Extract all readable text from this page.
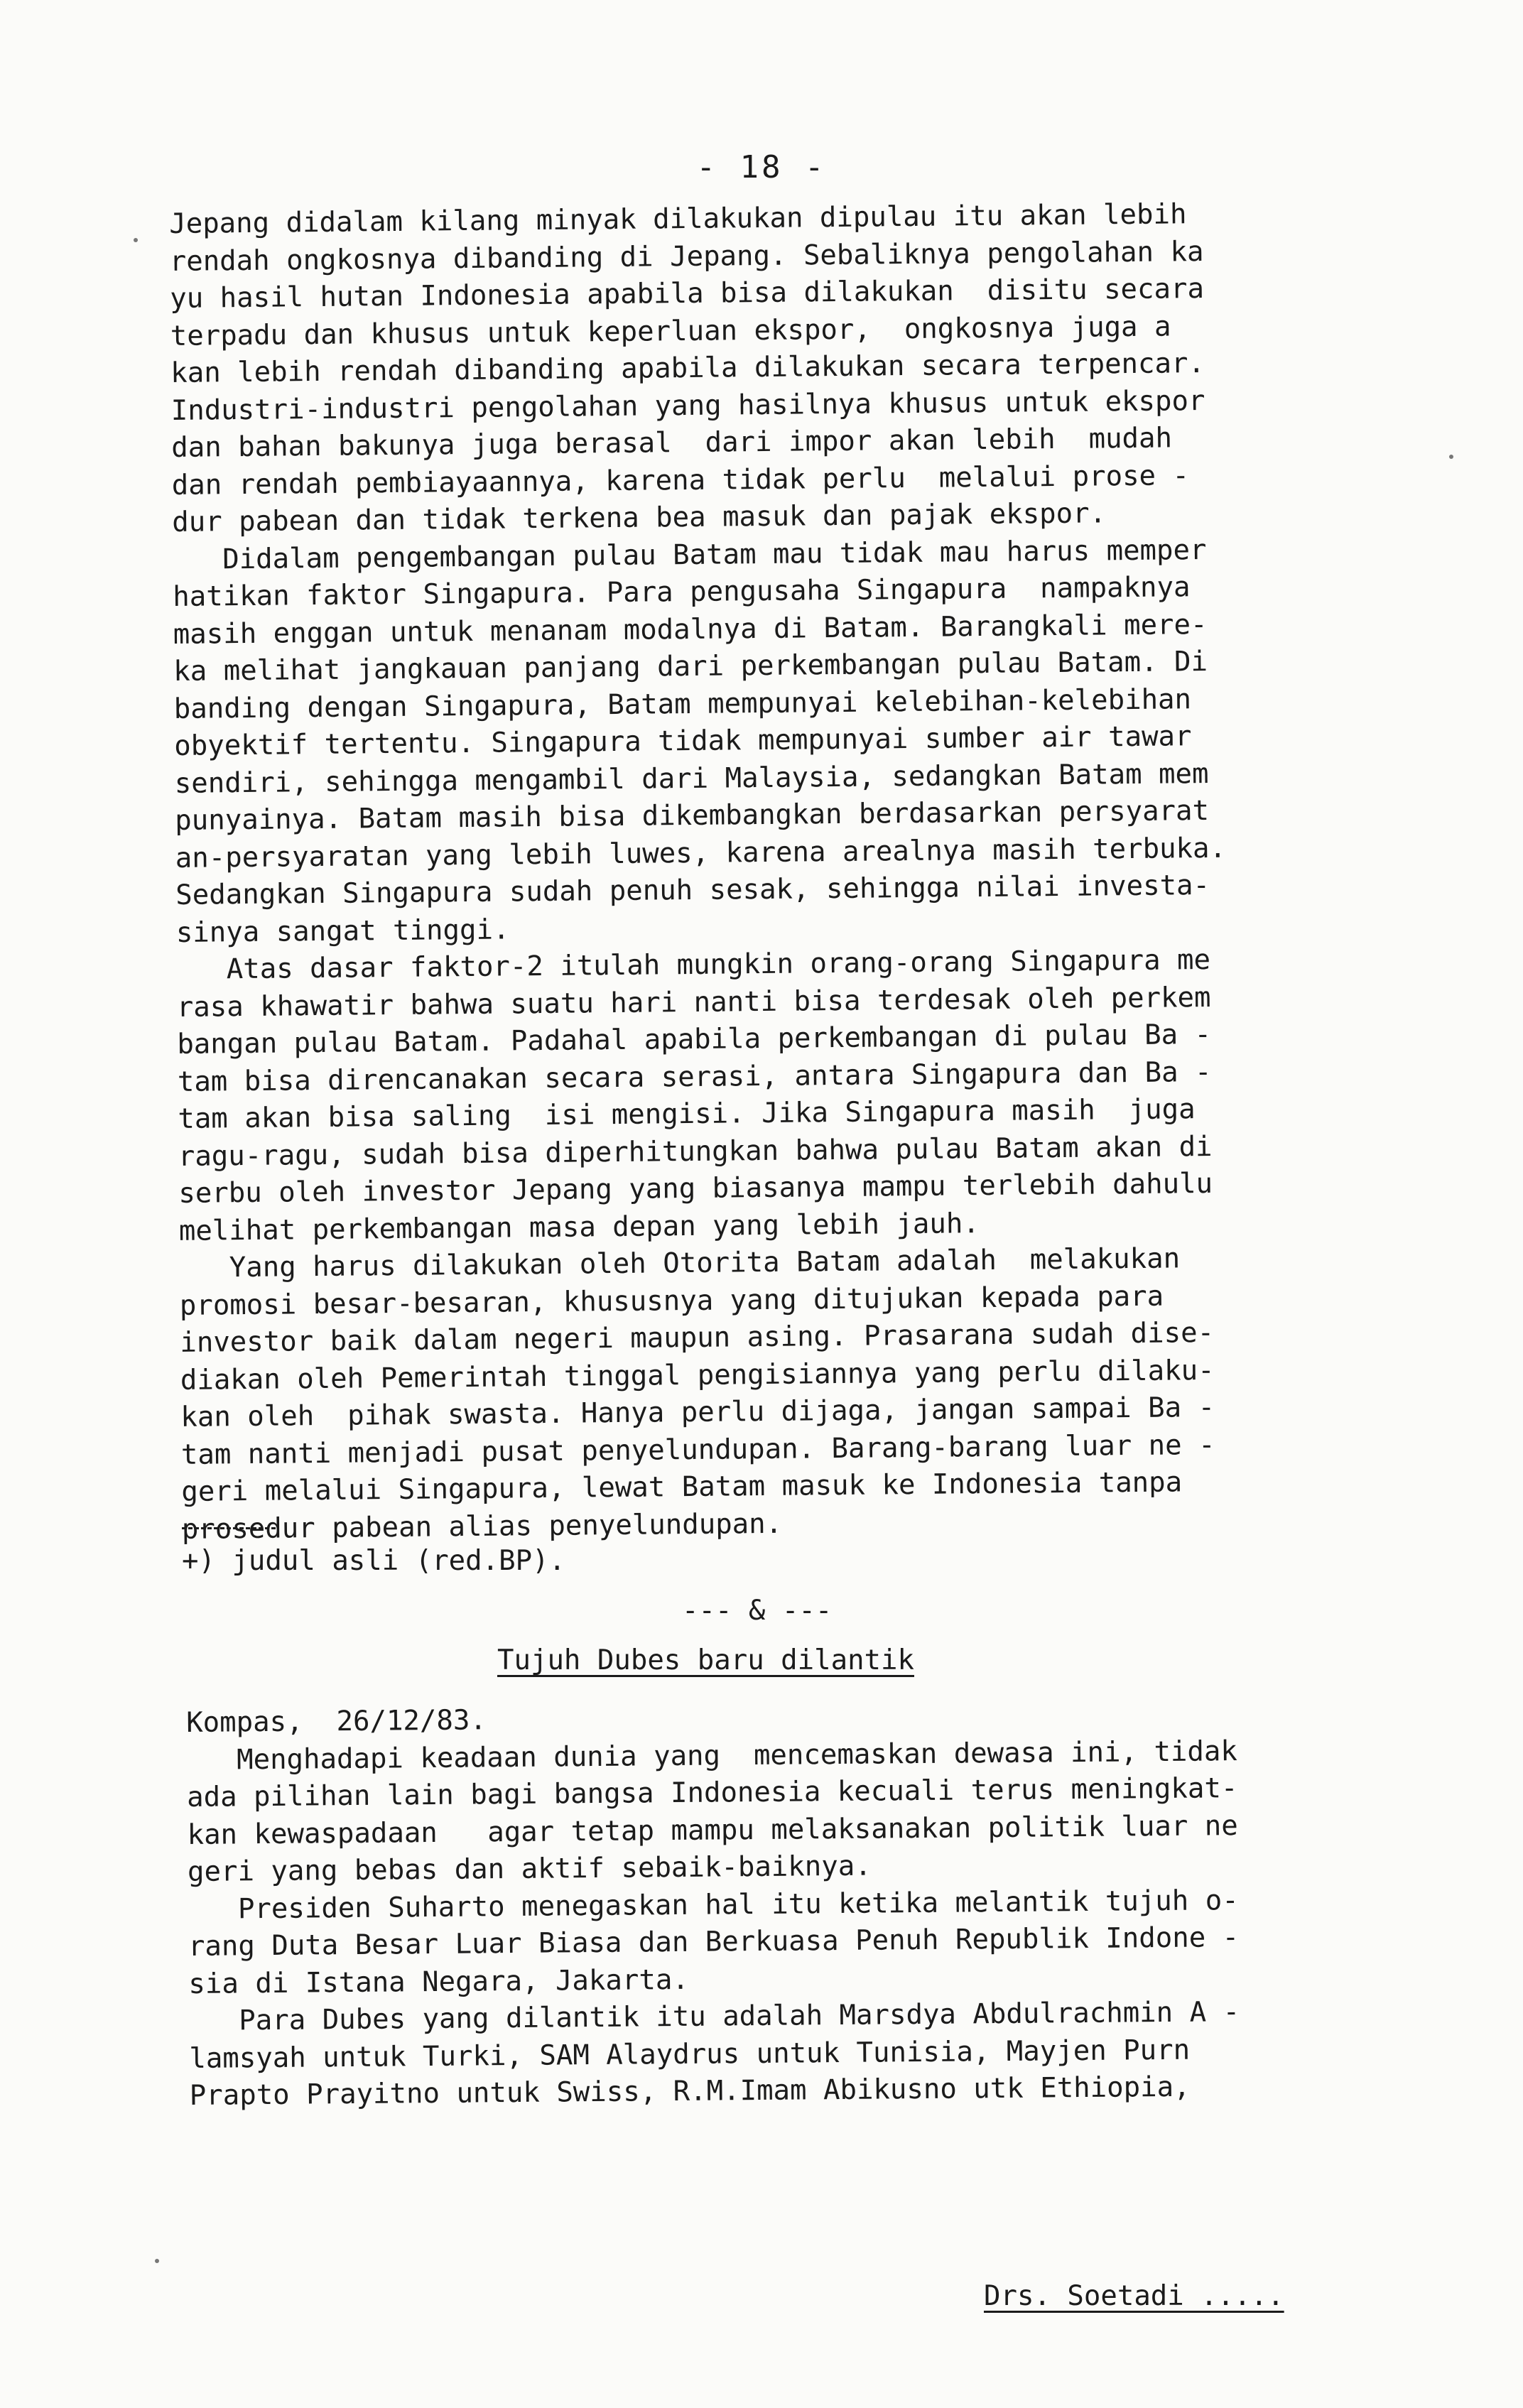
- 18 -
Jepang didalam kilang minyak dilakukan dipulau itu akan lebih
rendah ongkosnya dibanding di Jepang. Sebaliknya pengolahan ka
yu hasil hutan Indonesia apabila bisa dilakukan  disitu secara
terpadu dan khusus untuk keperluan ekspor,  ongkosnya juga a
kan lebih rendah dibanding apabila dilakukan secara terpencar.
Industri-industri pengolahan yang hasilnya khusus untuk ekspor
dan bahan bakunya juga berasal  dari impor akan lebih  mudah
dan rendah pembiayaannya, karena tidak perlu  melalui prose -
dur pabean dan tidak terkena bea masuk dan pajak ekspor.
Didalam pengembangan pulau Batam mau tidak mau harus memper
hatikan faktor Singapura. Para pengusaha Singapura  nampaknya
masih enggan untuk menanam modalnya di Batam. Barangkali mere-
ka melihat jangkauan panjang dari perkembangan pulau Batam. Di
banding dengan Singapura, Batam mempunyai kelebihan-kelebihan
obyektif tertentu. Singapura tidak mempunyai sumber air tawar
sendiri, sehingga mengambil dari Malaysia, sedangkan Batam mem
punyainya. Batam masih bisa dikembangkan berdasarkan persyarat
an-persyaratan yang lebih luwes, karena arealnya masih terbuka.
Sedangkan Singapura sudah penuh sesak, sehingga nilai investa-
sinya sangat tinggi.
Atas dasar faktor-2 itulah mungkin orang-orang Singapura me
rasa khawatir bahwa suatu hari nanti bisa terdesak oleh perkem
bangan pulau Batam. Padahal apabila perkembangan di pulau Ba -
tam bisa direncanakan secara serasi, antara Singapura dan Ba -
tam akan bisa saling  isi mengisi. Jika Singapura masih  juga
ragu-ragu, sudah bisa diperhitungkan bahwa pulau Batam akan di
serbu oleh investor Jepang yang biasanya mampu terlebih dahulu
melihat perkembangan masa depan yang lebih jauh.
Yang harus dilakukan oleh Otorita Batam adalah  melakukan
promosi besar-besaran, khususnya yang ditujukan kepada para
investor baik dalam negeri maupun asing. Prasarana sudah dise-
diakan oleh Pemerintah tinggal pengisiannya yang perlu dilaku-
kan oleh  pihak swasta. Hanya perlu dijaga, jangan sampai Ba -
tam nanti menjadi pusat penyelundupan. Barang-barang luar ne -
geri melalui Singapura, lewat Batam masuk ke Indonesia tanpa
prosedur pabean alias penyelundupan.
+) judul asli (red.BP).
--- & ---
Tujuh Dubes baru dilantik
Kompas,  26/12/83.
Menghadapi keadaan dunia yang  mencemaskan dewasa ini, tidak
ada pilihan lain bagi bangsa Indonesia kecuali terus meningkat-
kan kewaspadaan   agar tetap mampu melaksanakan politik luar ne
geri yang bebas dan aktif sebaik-baiknya.
Presiden Suharto menegaskan hal itu ketika melantik tujuh o-
rang Duta Besar Luar Biasa dan Berkuasa Penuh Republik Indone -
sia di Istana Negara, Jakarta.
Para Dubes yang dilantik itu adalah Marsdya Abdulrachmin A -
lamsyah untuk Turki, SAM Alaydrus untuk Tunisia, Mayjen Purn
Prapto Prayitno untuk Swiss, R.M.Imam Abikusno utk Ethiopia,
Drs. Soetadi .....
